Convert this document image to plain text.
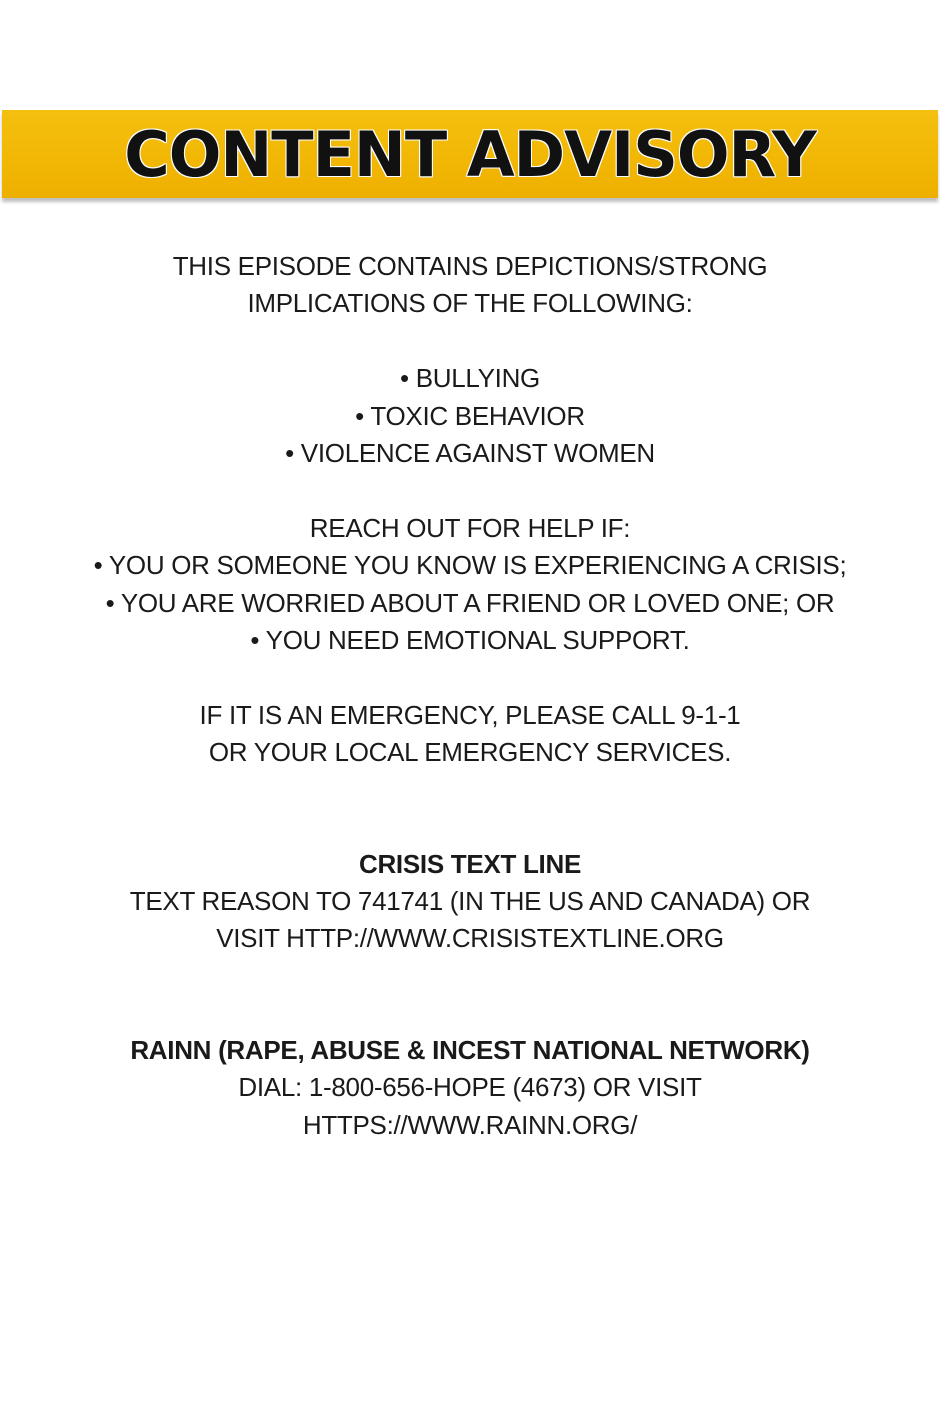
CONTENT ADVISORY
THIS EPISODE CONTAINS DEPICTIONS/STRONG
IMPLICATIONS OF THE FOLLOWING:
• BULLYING
• TOXIC BEHAVIOR
• VIOLENCE AGAINST WOMEN
REACH OUT FOR HELP IF:
• YOU OR SOMEONE YOU KNOW IS EXPERIENCING A CRISIS;
• YOU ARE WORRIED ABOUT A FRIEND OR LOVED ONE; OR
• YOU NEED EMOTIONAL SUPPORT.
IF IT IS AN EMERGENCY, PLEASE CALL 9-1-1
OR YOUR LOCAL EMERGENCY SERVICES.
CRISIS TEXT LINE
TEXT REASON TO 741741 (IN THE US AND CANADA) OR
VISIT HTTP://WWW.CRISISTEXTLINE.ORG
RAINN (RAPE, ABUSE & INCEST NATIONAL NETWORK)
DIAL: 1-800-656-HOPE (4673) OR VISIT
HTTPS://WWW.RAINN.ORG/
